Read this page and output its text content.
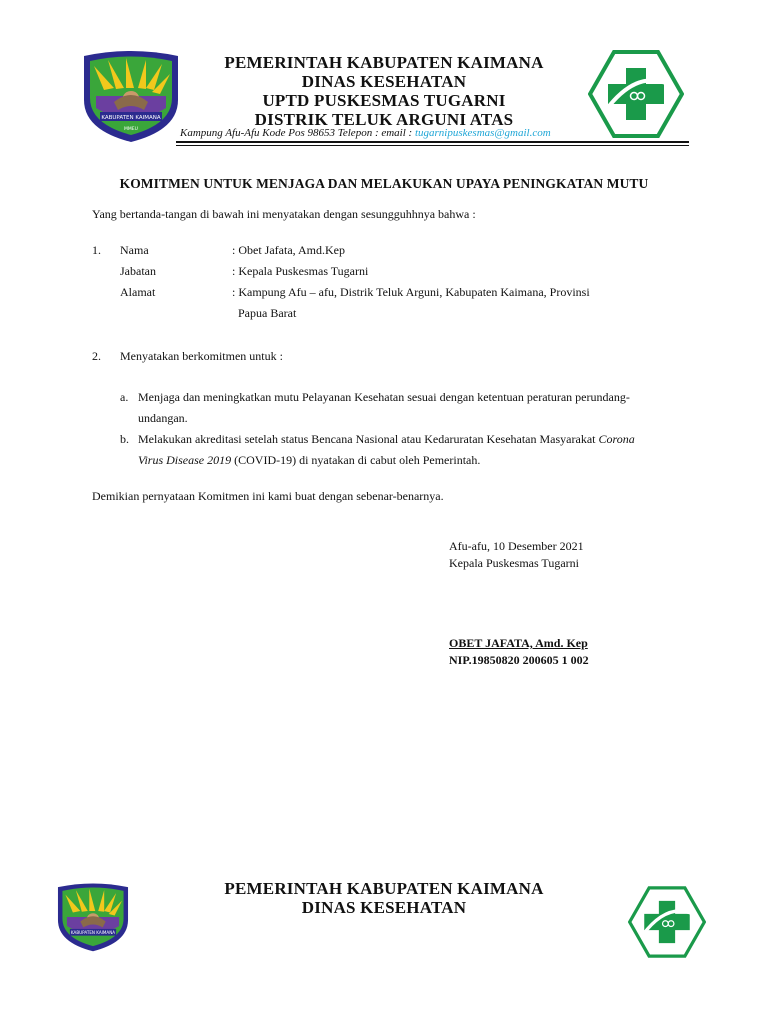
KABUPATEN KAIMANA
MMEU
PEMERINTAH KABUPATEN KAIMANA
DINAS KESEHATAN
UPTD PUSKESMAS TUGARNI
DISTRIK TELUK ARGUNI ATAS
Kampung Afu-Afu Kode Pos 98653 Telepon : email : tugarnipuskesmas@gmail.com
KOMITMEN UNTUK MENJAGA DAN MELAKUKAN UPAYA PENINGKATAN MUTU
Yang bertanda-tangan di bawah ini menyatakan dengan sesungguhhnya bahwa :
1. Nama	: Obet Jafata, Amd.Kep
Jabatan	: Kepala Puskesmas Tugarni
Alamat	: Kampung Afu – afu, Distrik Teluk Arguni, Kabupaten Kaimana, Provinsi
Papua Barat
2. Menyatakan berkomitmen untuk :
a. Menjaga dan meningkatkan mutu Pelayanan Kesehatan sesuai dengan ketentuan peraturan perundang-
undangan.
b. Melakukan akreditasi setelah status Bencana Nasional atau Kedaruratan Kesehatan Masyarakat Corona
Virus Disease 2019 (COVID-19) di nyatakan di cabut oleh Pemerintah.
Demikian pernyataan Komitmen ini kami buat dengan sebenar-benarnya.
Afu-afu, 10 Desember 2021
Kepala Puskesmas Tugarni
OBET JAFATA, Amd. Kep
NIP.19850820 200605 1 002
KABUPATEN KAIMANA
PEMERINTAH KABUPATEN KAIMANA
DINAS KESEHATAN
